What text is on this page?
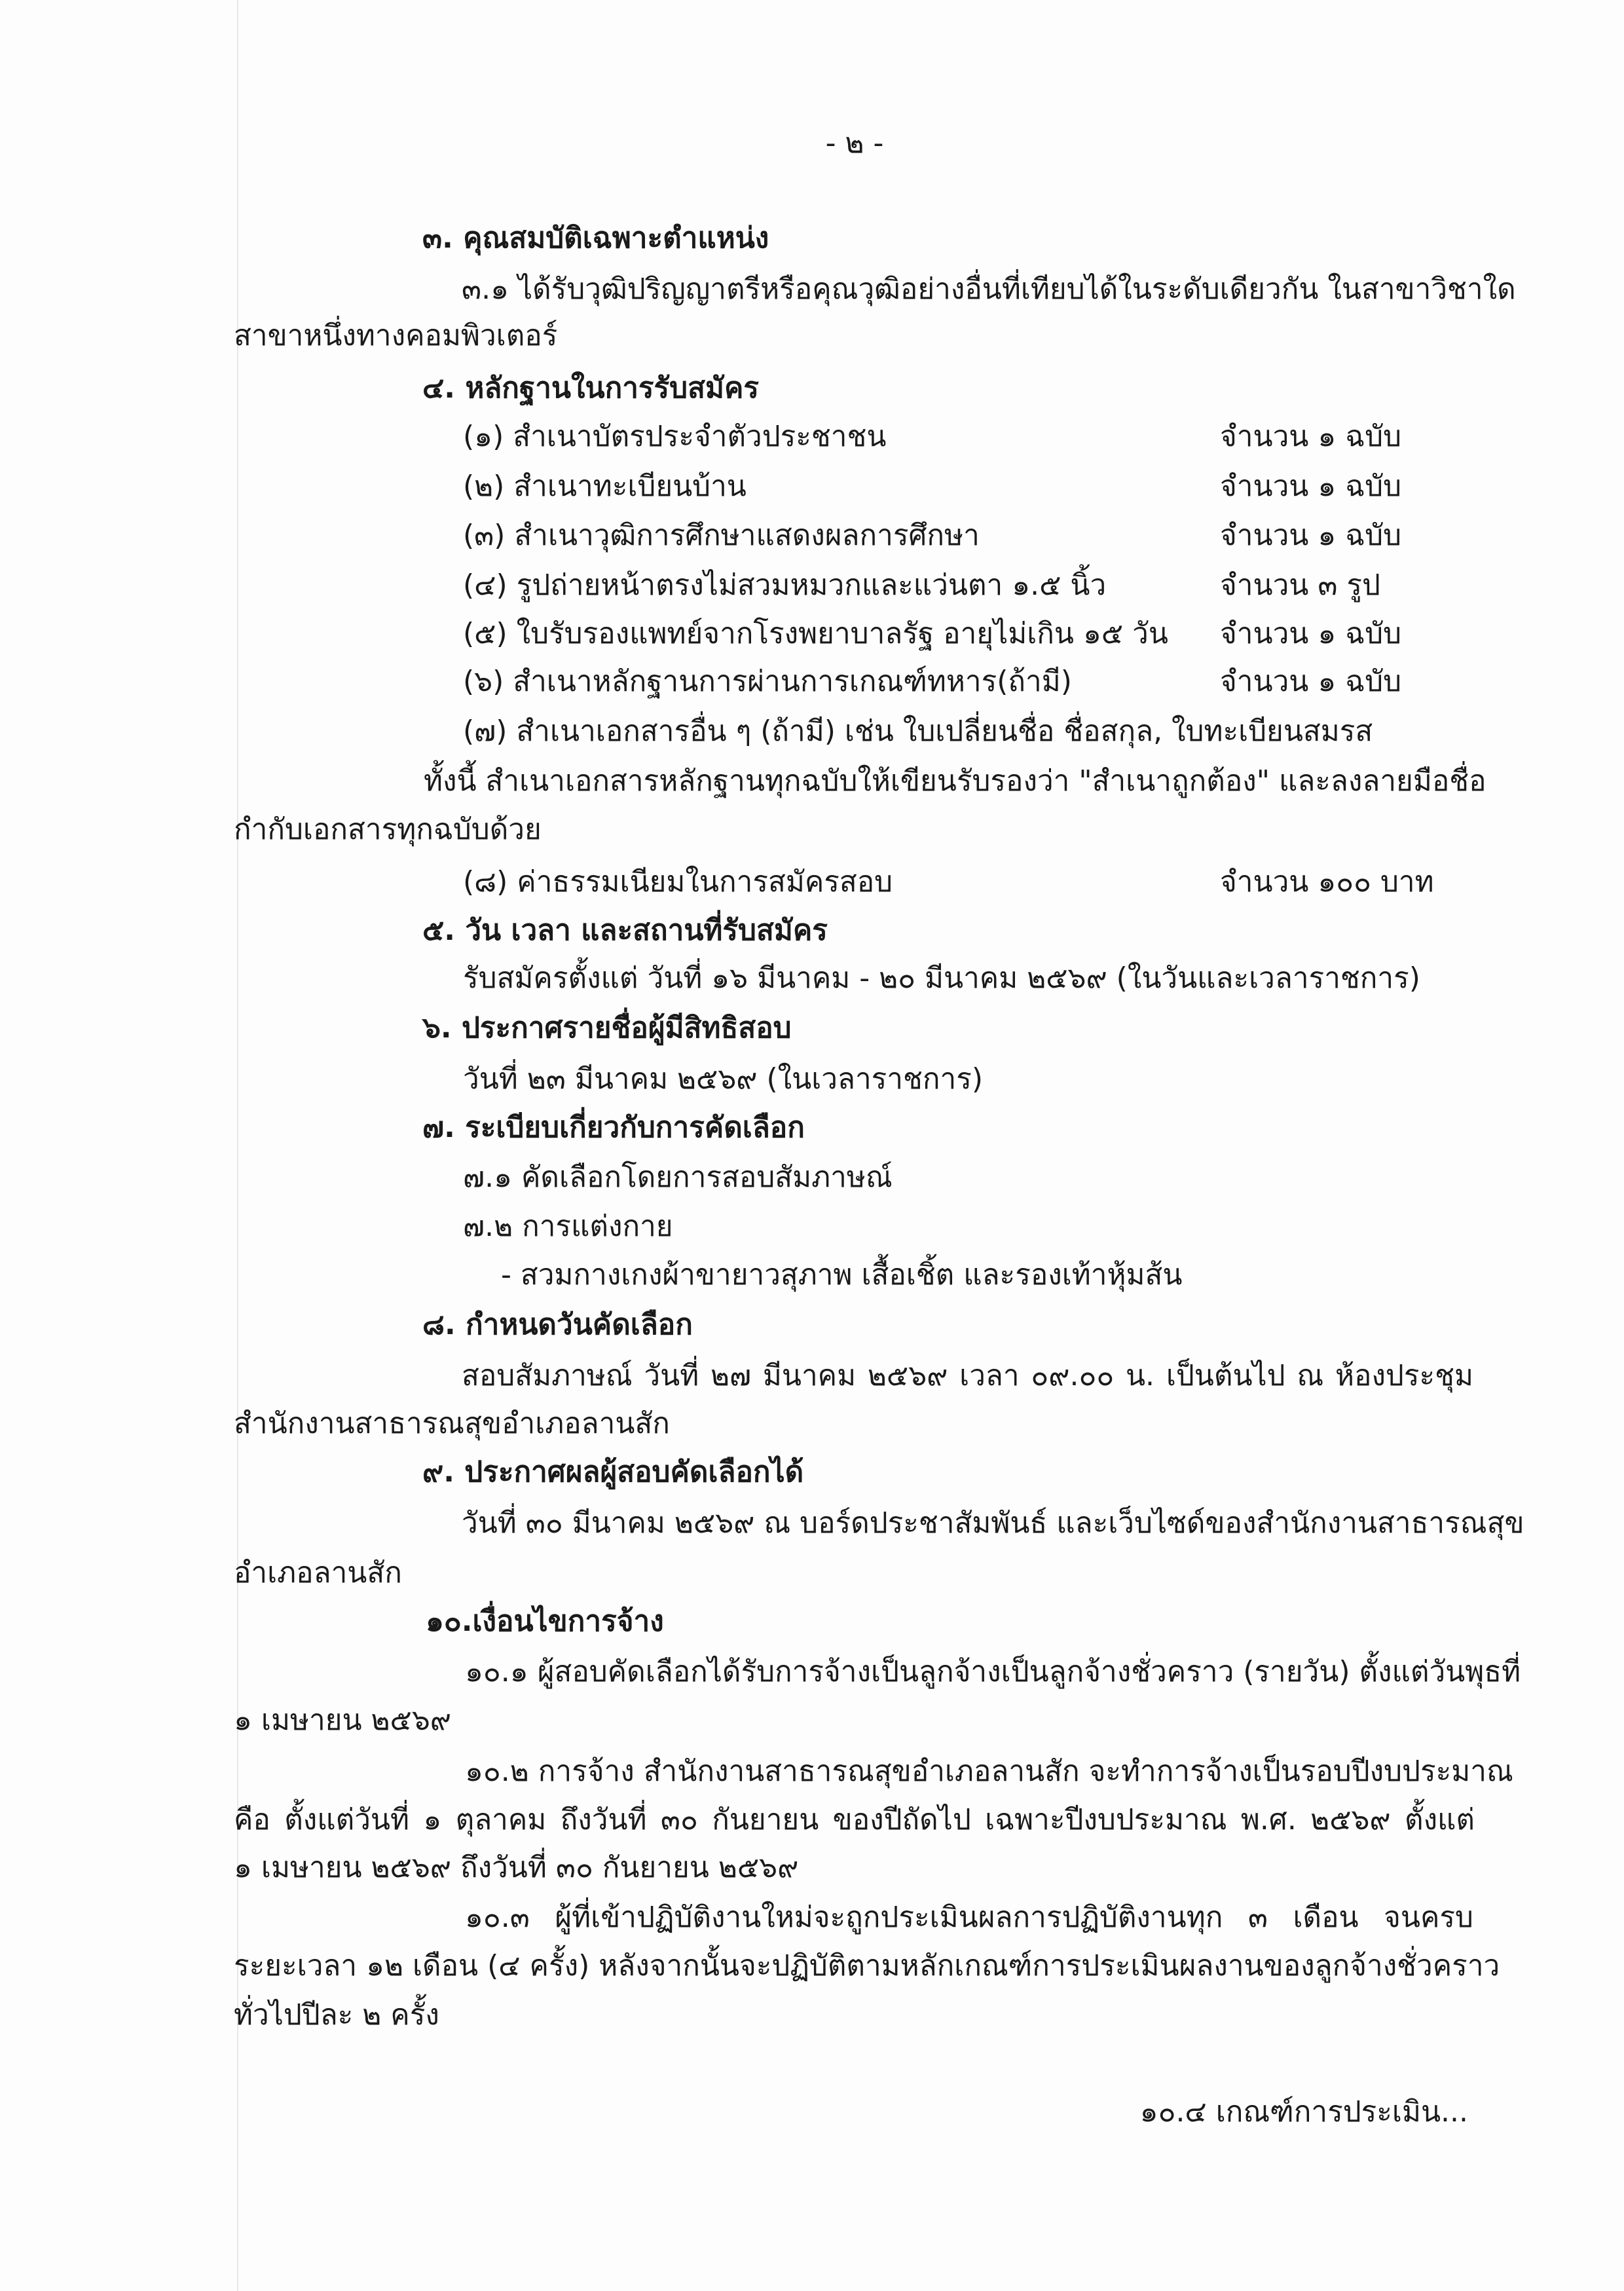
- ๒ -
๓. คุณสมบัติเฉพาะตำแหน่ง
๓.๑ ได้รับวุฒิปริญญาตรีหรือคุณวุฒิอย่างอื่นที่เทียบได้ในระดับเดียวกัน ในสาขาวิชาใด
สาขาหนึ่งทางคอมพิวเตอร์
๔. หลักฐานในการรับสมัคร
(๑) สำเนาบัตรประจำตัวประชาชน	จำนวน ๑ ฉบับ
(๒) สำเนาทะเบียนบ้าน	จำนวน ๑ ฉบับ
(๓) สำเนาวุฒิการศึกษาแสดงผลการศึกษา	จำนวน ๑ ฉบับ
(๔) รูปถ่ายหน้าตรงไม่สวมหมวกและแว่นตา ๑.๕ นิ้ว	จำนวน ๓ รูป
(๕) ใบรับรองแพทย์จากโรงพยาบาลรัฐ อายุไม่เกิน ๑๕ วัน จำนวน ๑ ฉบับ
(๖) สำเนาหลักฐานการผ่านการเกณฑ์ทหาร(ถ้ามี)	จำนวน ๑ ฉบับ
(๗) สำเนาเอกสารอื่น ๆ (ถ้ามี) เช่น ใบเปลี่ยนชื่อ ชื่อสกุล, ใบทะเบียนสมรส
ทั้งนี้ สำเนาเอกสารหลักฐานทุกฉบับให้เขียนรับรองว่า "สำเนาถูกต้อง" และลงลายมือชื่อ
กำกับเอกสารทุกฉบับด้วย
(๘) ค่าธรรมเนียมในการสมัครสอบ	จำนวน ๑๐๐ บาท
๕. วัน เวลา และสถานที่รับสมัคร
รับสมัครตั้งแต่ วันที่ ๑๖ มีนาคม - ๒๐ มีนาคม ๒๕๖๙ (ในวันและเวลาราชการ)
๖. ประกาศรายชื่อผู้มีสิทธิสอบ
วันที่ ๒๓ มีนาคม ๒๕๖๙ (ในเวลาราชการ)
๗. ระเบียบเกี่ยวกับการคัดเลือก
๗.๑ คัดเลือกโดยการสอบสัมภาษณ์
๗.๒ การแต่งกาย
- สวมกางเกงผ้าขายาวสุภาพ เสื้อเชิ้ต และรองเท้าหุ้มส้น
๘. กำหนดวันคัดเลือก
สอบสัมภาษณ์ วันที่ ๒๗ มีนาคม ๒๕๖๙ เวลา ๐๙.๐๐ น. เป็นต้นไป ณ ห้องประชุม
สำนักงานสาธารณสุขอำเภอลานสัก
๙. ประกาศผลผู้สอบคัดเลือกได้
วันที่ ๓๐ มีนาคม ๒๕๖๙ ณ บอร์ดประชาสัมพันธ์ และเว็บไซด์ของสำนักงานสาธารณสุข
อำเภอลานสัก
๑๐.เงื่อนไขการจ้าง
๑๐.๑ ผู้สอบคัดเลือกได้รับการจ้างเป็นลูกจ้างเป็นลูกจ้างชั่วคราว (รายวัน) ตั้งแต่วันพุธที่
๑ เมษายน ๒๕๖๙
๑๐.๒ การจ้าง สำนักงานสาธารณสุขอำเภอลานสัก จะทำการจ้างเป็นรอบปีงบประมาณ
คือ ตั้งแต่วันที่ ๑ ตุลาคม ถึงวันที่ ๓๐ กันยายน ของปีถัดไป เฉพาะปีงบประมาณ พ.ศ. ๒๕๖๙ ตั้งแต่
๑ เมษายน ๒๕๖๙ ถึงวันที่ ๓๐ กันยายน ๒๕๖๙
๑๐.๓ ผู้ที่เข้าปฏิบัติงานใหม่จะถูกประเมินผลการปฏิบัติงานทุก ๓ เดือน จนครบ
ระยะเวลา ๑๒ เดือน (๔ ครั้ง) หลังจากนั้นจะปฏิบัติตามหลักเกณฑ์การประเมินผลงานของลูกจ้างชั่วคราว
ทั่วไปปีละ ๒ ครั้ง
๑๐.๔ เกณฑ์การประเมิน...
